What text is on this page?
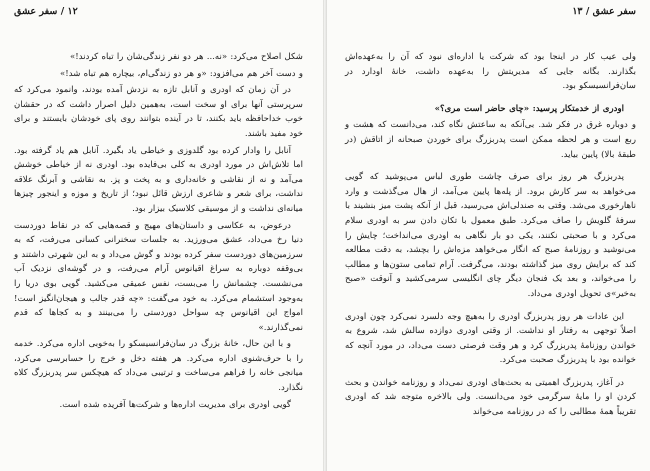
۱۲ / سفر عشق

شکل اصلاح می‌کرد: «نه... هر دو نفر زندگی‌شان را تباه کردند!»

و دست آخر هم می‌افزود: «و هر دو زندگی‌ام، بیچاره هم تباه شد!»

در آن زمان که اودری و آنابل تازه به نزدش آمده بودند، وانمود می‌کرد که سرپرستی آنها برای او سخت است، به‌همین دلیل اصرار داشت که در حقشان خوب خداحافظه باید بکنند، تا در آینده بتوانند روی پای خودشان بایستند و برای خود مفید باشند.

آنابل را وادار کرده بود گلدوزی و خیاطی یاد بگیرد. آنابل هم یاد گرفته بود. اما تلاش‌اش در مورد اودری به کلی بی‌فایده بود. اودری نه از خیاطی خوشش می‌آمد و نه از نقاشی و خانه‌داری و به پخت و پز. به نقاشی و آبرنگ علاقه نداشت، برای شعر و شاعری ارزش قائل نبود؛ از تاریخ و موزه و اینجور چیزها میانه‌ای نداشت و از موسیقی کلاسیک بیزار بود.

درعوض، به عکاسی و داستان‌های مهیج و قصه‌هایی که در نقاط دوردست دنیا رخ می‌داد، عشق می‌ورزید. به جلسات سخنرانی کسانی می‌رفت، که به سرزمین‌های دوردست سفر کرده بودند و گوش می‌داد و به این شهرتی داشتند و بی‌وقفه دوباره به سراغ اقیانوس آرام می‌رفت، و در گوشه‌ای نزدیک آب می‌نشست. چشمانش را می‌بست، نفس عمیقی می‌کشید. گویی بوی دریا را به‌وجود استشمام می‌کرد. به خود می‌گفت: «چه قدر جالب و هیجان‌انگیز است! امواج این اقیانوس چه سواحل دوردستی را می‌بینند و به کجاها که قدم نمی‌گذارند.»

و با این حال، خانهٔ بزرگ در سان‌فرانسیسکو را به‌خوبی اداره می‌کرد. خدمه را با حرف‌شنوی اداره می‌کرد. هر هفته دخل و خرج را حسابرسی می‌کرد، میانجی خانه را فراهم می‌ساخت و ترتیبی می‌داد که هیچکس سر پدربزرگ کلاه نگذارد.

گویی اودری برای مدیریت اداره‌ها و شرکت‌ها آفریده شده است.

سفر عشق / ۱۳

ولی عیب کار در اینجا بود که شرکت یا اداره‌ای نبود که آن را به‌عهده‌اش بگذارند. بگانه جایی که مدیریتش را به‌عهده داشت، خانهٔ اودارد در سان‌فرانسیسکو بود.

اودری از خدمتکار پرسید: «چای حاضر است مری؟»

و دوباره غرق در فکر شد. بی‌آنکه به ساعتش نگاه کند، می‌دانست که هشت و ربع است و هر لحظه ممکن است پدربزرگ برای خوردن صبحانه از اتاقش (در طبقهٔ بالا) پایین بیاید.

پدربزرگ هر روز برای صرف چاشت طوری لباس می‌پوشید که گویی می‌خواهد به سر کارش برود. از پله‌ها پایین می‌آمد، از هال می‌گذشت و وارد ناهارخوری می‌شد. وقتی به صندلی‌اش می‌رسید، قبل از آنکه پشت میز بنشیند با سرفهٔ گلویش را صاف می‌کرد. طبق معمول با تکان دادن سر به اودری سلام می‌کرد و با صحبتی نکنند، یکی دو بار نگاهی به اودری می‌انداخت؛ چایش را می‌نوشید و روزنامهٔ صبح که انگار می‌خواهد مزه‌اش را بچشد، به دقت مطالعه کند که برایش روی میز گذاشته بودند، می‌گرفت. آرام تمامی ستون‌ها و مطالب را می‌خواند، و بعد یک فنجان دیگر چای انگلیسی سرمی‌کشید و آنوقت «صبح به‌خیر»ی تحویل اودری می‌داد.

این عادات هر روز پدربزرگ اودری را به‌هیچ وجه دلسرد نمی‌کرد چون اودری اصلاً توجهی به رفتار او نداشت. از وقتی اودری دوازده سالش شد، شروع به خواندن روزنامهٔ پدربزرگ کرد و هر وقت فرصتی دست می‌داد، در مورد آنچه که خوانده بود با پدربزرگ صحبت می‌کرد.

در آغاز، پدربزرگ اهمیتی به بحث‌های اودری نمی‌داد و روزنامه خواندن و بحث کردن او را مایهٔ سرگرمی خود می‌دانست. ولی بالاخره متوجه شد که اودری تقریباً همهٔ مطالبی را که در روزنامه می‌خواند
